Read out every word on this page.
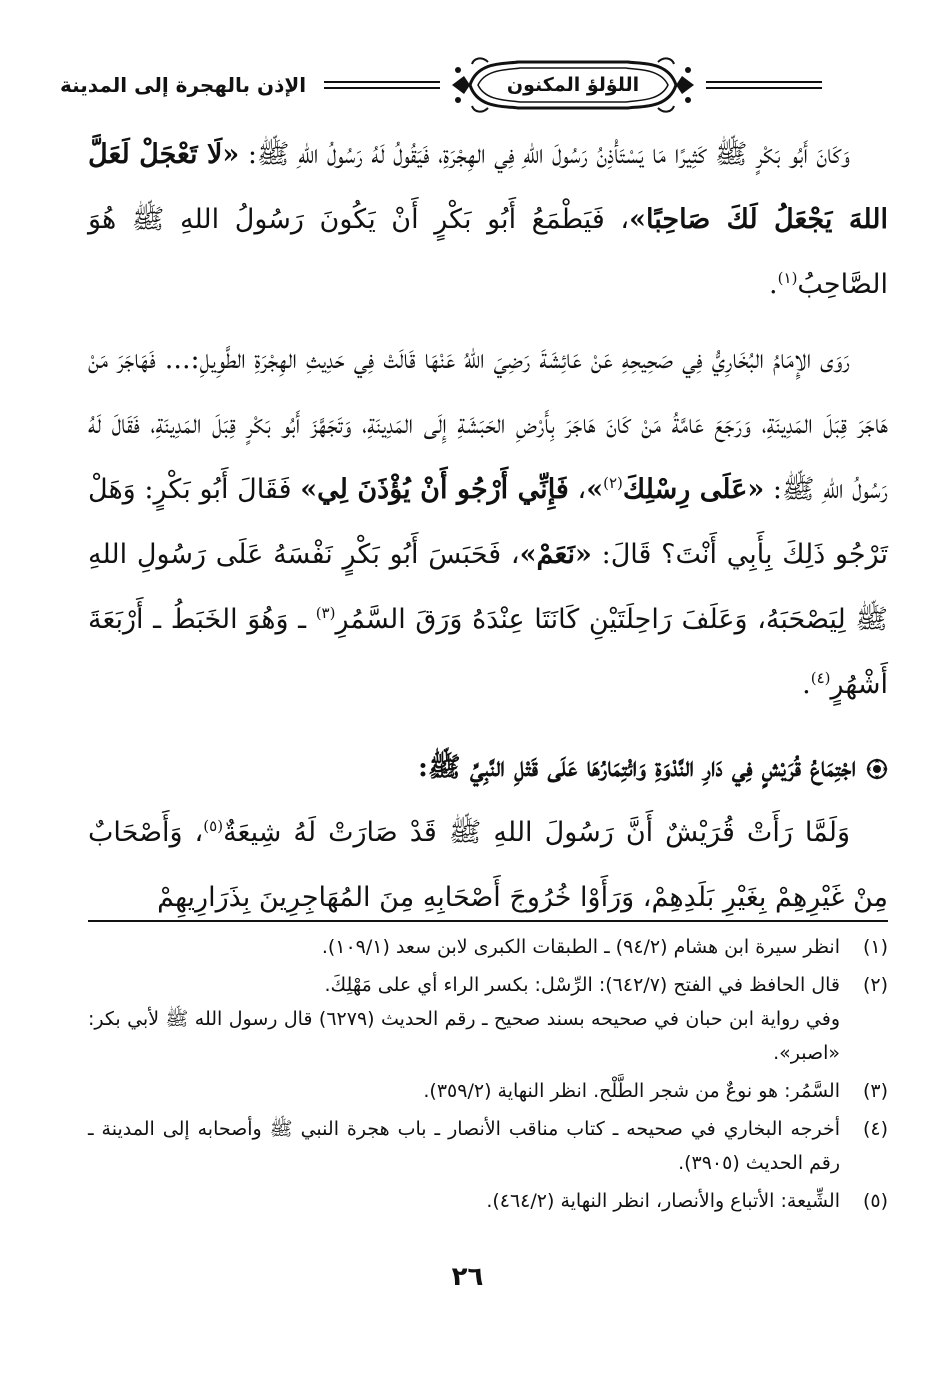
الإذن بالهجرة إلى المدينة	اللؤلؤ المكنون

وَكَانَ أَبُو بَكْرٍ ﷺ كَثِيرًا مَا يَسْتَأْذِنُ رَسُولَ اللهِ فِي الهِجْرَةِ، فَيَقُولُ لَهُ رَسُولُ اللهِ ﷺ: «لَا تَعْجَلْ لَعَلَّ اللهَ يَجْعَلُ لَكَ صَاحِبًا»، فَيَطْمَعُ أَبُو بَكْرٍ أَنْ يَكُونَ رَسُولُ اللهِ ﷺ هُوَ الصَّاحِبُ$^{(١)}$.

رَوَى الإِمَامُ البُخَارِيُّ فِي صَحِيحِهِ عَنْ عَائِشَةَ رَضِيَ اللهُ عَنْهَا قَالَتْ فِي حَدِيثِ الهِجْرَةِ الطَّوِيلِ:... فَهَاجَرَ مَنْ هَاجَرَ قِبَلَ المَدِينَةِ، وَرَجَعَ عَامَّةُ مَنْ كَانَ هَاجَرَ بِأَرْضِ الحَبَشَةِ إِلَى المَدِينَةِ، وَتَجَهَّزَ أَبُو بَكْرٍ قِبَلَ المَدِينَةِ، فَقَالَ لَهُ رَسُولُ اللهِ ﷺ: «عَلَى رِسْلِكَ$^{(٢)}$»، فَإِنِّي أَرْجُو أَنْ يُؤْذَنَ لِي» فَقَالَ أَبُو بَكْرٍ: وَهَلْ تَرْجُو ذَلِكَ بِأَبِي أَنْتَ؟ قَالَ: «نَعَمْ»، فَحَبَسَ أَبُو بَكْرٍ نَفْسَهُ عَلَى رَسُولِ اللهِ ﷺ لِيَصْحَبَهُ، وَعَلَفَ رَاحِلَتَيْنِ كَانَتَا عِنْدَهُ وَرَقَ السَّمُرِ$^{(٣)}$ ـ وَهُوَ الخَبَطُ ـ أَرْبَعَةَ أَشْهُرٍ$^{(٤)}$.

اجْتِمَاعُ قُرَيْشٍ فِي دَارِ النَّدْوَةِ وَائْتِمَارُهَا عَلَى قَتْلِ النَّبِيِّ ﷺ:

وَلَمَّا رَأَتْ قُرَيْشٌ أَنَّ رَسُولَ اللهِ ﷺ قَدْ صَارَتْ لَهُ شِيعَةٌ$^{(٥)}$، وَأَصْحَابٌ مِنْ غَيْرِهِمْ بِغَيْرِ بَلَدِهِمْ، وَرَأَوْا خُرُوجَ أَصْحَابِهِ مِنَ المُهَاجِرِينَ بِذَرَارِيهِمْ

(١)
انظر سيرة ابن هشام (٩٤/٢) ـ الطبقات الكبرى لابن سعد (١٠٩/١).
(٢)
قال الحافظ في الفتح (٦٤٢/٧): الرِّسْل: بكسر الراء أي على مَهْلِكَ.
وفي رواية ابن حبان في صحيحه بسند صحيح ـ رقم الحديث (٦٢٧٩) قال رسول الله ﷺ لأبي بكر: «اصبر».
(٣)
السَّمُر: هو نوعٌ من شجر الطَّلْح. انظر النهاية (٣٥٩/٢).
(٤)
أخرجه البخاري في صحيحه ـ كتاب مناقب الأنصار ـ باب هجرة النبي ﷺ وأصحابه إلى المدينة ـ رقم الحديث (٣٩٠٥).
(٥)
الشِّيعة: الأتباع والأنصار، انظر النهاية (٤٦٤/٢).
٢٦
